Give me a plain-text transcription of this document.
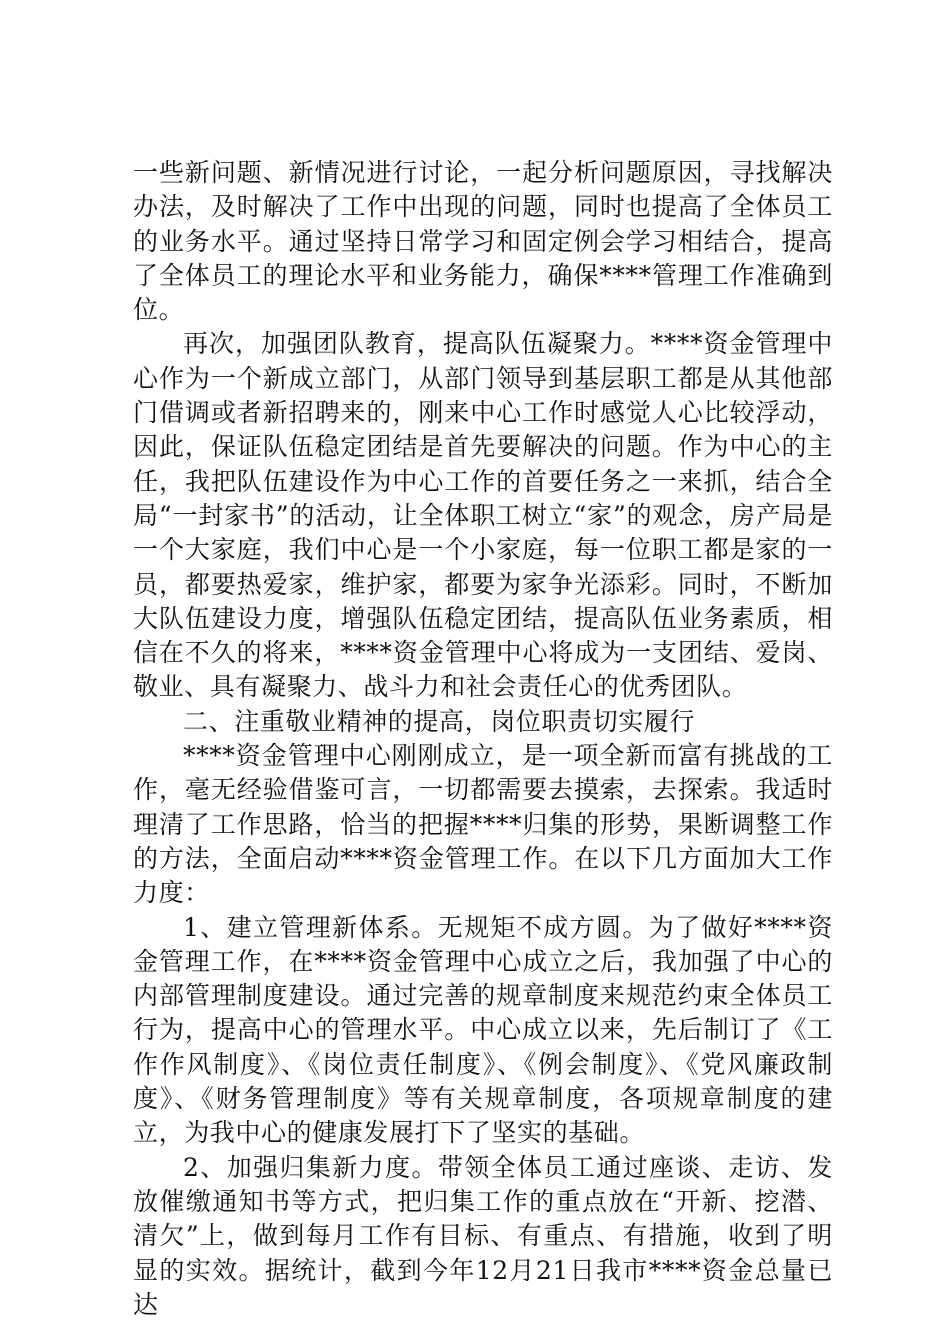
一些新问题、新情况进行讨论，一起分析问题原因，寻找解决办法，及时解决了工作中出现的问题，同时也提高了全体员工的业务水平。通过坚持日常学习和固定例会学习相结合，提高了全体员工的理论水平和业务能力，确保****管理工作准确到位。

再次，加强团队教育，提高队伍凝聚力。****资金管理中心作为一个新成立部门，从部门领导到基层职工都是从其他部门借调或者新招聘来的，刚来中心工作时感觉人心比较浮动，因此，保证队伍稳定团结是首先要解决的问题。作为中心的主任，我把队伍建设作为中心工作的首要任务之一来抓，结合全局“一封家书”的活动，让全体职工树立“家”的观念，房产局是一个大家庭，我们中心是一个小家庭，每一位职工都是家的一员，都要热爱家，维护家，都要为家争光添彩。同时，不断加大队伍建设力度，增强队伍稳定团结，提高队伍业务素质，相信在不久的将来，****资金管理中心将成为一支团结、爱岗、敬业、具有凝聚力、战斗力和社会责任心的优秀团队。

二、注重敬业精神的提高，岗位职责切实履行

****资金管理中心刚刚成立，是一项全新而富有挑战的工作，毫无经验借鉴可言，一切都需要去摸索，去探索。我适时理清了工作思路，恰当的把握****归集的形势，果断调整工作的方法，全面启动****资金管理工作。在以下几方面加大工作力度：

1、建立管理新体系。无规矩不成方圆。为了做好****资金管理工作，在****资金管理中心成立之后，我加强了中心的内部管理制度建设。通过完善的规章制度来规范约束全体员工行为，提高中心的管理水平。中心成立以来，先后制订了《工作作风制度》、《岗位责任制度》、《例会制度》、《党风廉政制度》、《财务管理制度》等有关规章制度，各项规章制度的建立，为我中心的健康发展打下了坚实的基础。

2、加强归集新力度。带领全体员工通过座谈、走访、发放催缴通知书等方式，把归集工作的重点放在“开新、挖潜、清欠”上，做到每月工作有目标、有重点、有措施，收到了明显的实效。据统计，截到今年12月21日我市****资金总量已达
